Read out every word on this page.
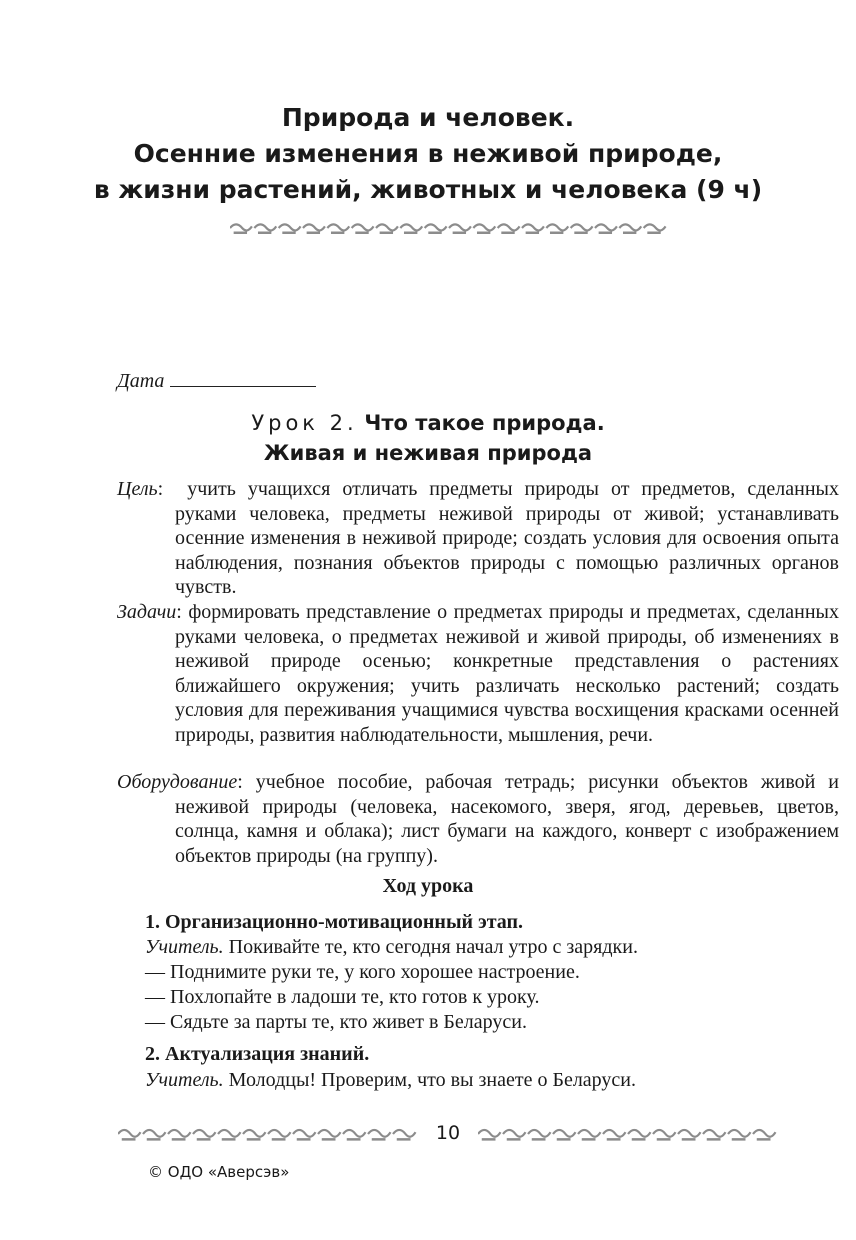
Природа и человек.
Осенние изменения в неживой природе,
в жизни растений, животных и человека (9 ч)
Дата
Урок 2. Что такое природа.
Живая и неживая природа
Цель:  учить учащихся отличать предметы природы от предметов, сделанных руками человека, предметы неживой природы от живой; устанавливать осенние изменения в неживой природе; создать условия для освоения опыта наблюдения, познания объектов природы с помощью различных органов чувств.
Задачи: формировать представление о предметах природы и предметах, сделанных руками человека, о предметах неживой и живой природы, об изменениях в неживой природе осенью; конкретные представления о растениях ближайшего окружения; учить различать несколько растений; создать условия для переживания учащимися чувства восхищения красками осенней природы, развития наблюдательности, мышления, речи.
Оборудование: учебное пособие, рабочая тетрадь; рисунки объектов живой и неживой природы (человека, насекомого, зверя, ягод, деревьев, цветов, солнца, камня и облака); лист бумаги на каждого, конверт с изображением объектов природы (на группу).
Ход урока
1. Организационно-мотивационный этап.
Учитель. Покивайте те, кто сегодня начал утро с зарядки.
— Поднимите руки те, у кого хорошее настроение.
— Похлопайте в ладоши те, кто готов к уроку.
— Сядьте за парты те, кто живет в Беларуси.
2. Актуализация знаний.
Учитель. Молодцы! Проверим, что вы знаете о Беларуси.
10
© ОДО «Аверсэв»
